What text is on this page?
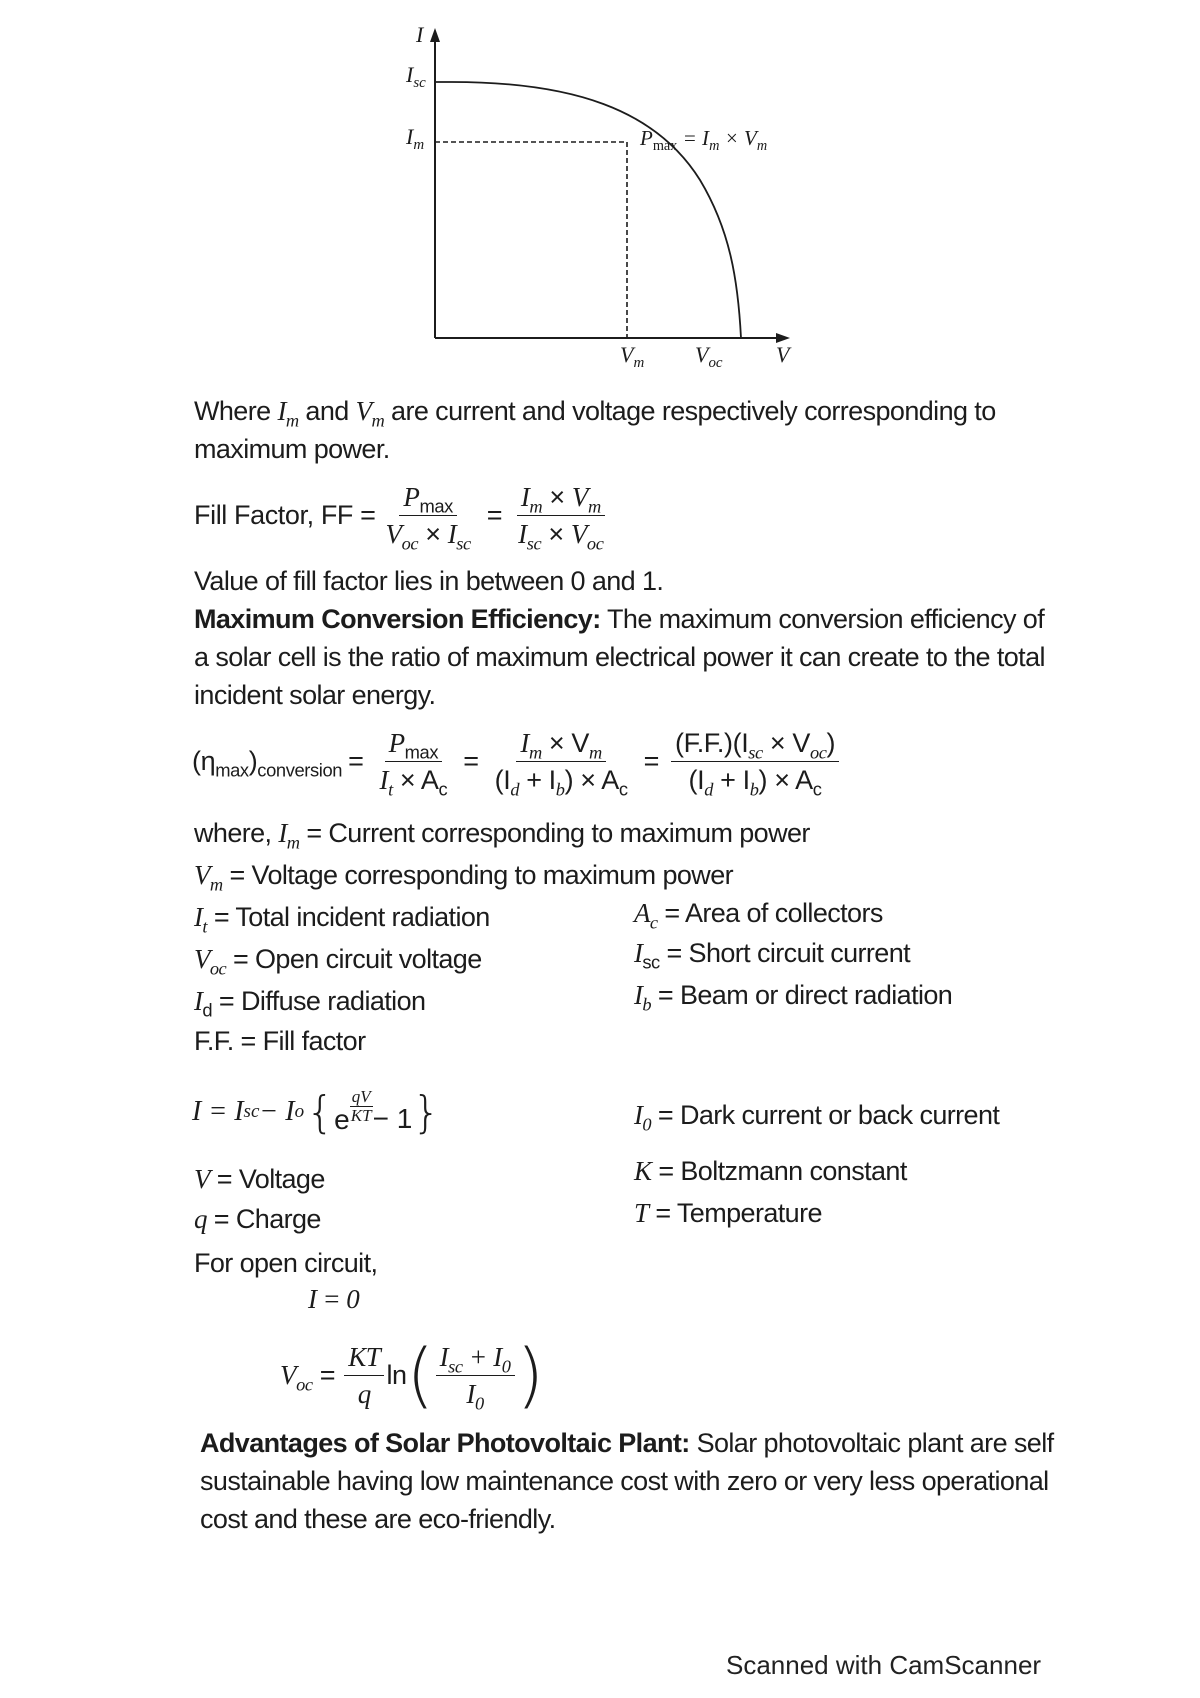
I
$I_{sc}$
$I_m$	$P_{max} = I_m \times V_m$
$V_m$ $V_{oc}$ V
Where $I_m$ and $V_m$ are current and voltage respectively corresponding to maximum power.
Fill Factor, FF = $\frac{P_{max}}{V_{oc} \times I_{sc}} = \frac{I_m \times V_m}{I_{sc} \times V_{oc}}$
Value of fill factor lies in between 0 and 1.
Maximum Conversion Efficiency: The maximum conversion efficiency of a solar cell is the ratio of maximum electrical power it can create to the total incident solar energy.
$(\eta_{max})_{conversion} = \frac{P_{max}}{I_t \times A_c} = \frac{I_m \times V_m}{(I_d + I_b) \times A_c} = \frac{(F.F.)(I_{sc} \times V_{oc})}{(I_d + I_b) \times A_c}$
where, $I_m$ = Current corresponding to maximum power
$V_m$ = Voltage corresponding to maximum power
$I_t$ = Total incident radiation	$A_c$ = Area of collectors
$V_{oc}$ = Open circuit voltage	$I_{sc}$ = Short circuit current
$I_d$ = Diffuse radiation	$I_b$ = Beam or direct radiation
F.F. = Fill factor
I = I sc − I o { e
qV
KT − 1 }	$I_0$ = Dark current or back current
V = Voltage	K = Boltzmann constant
q = Charge	T = Temperature
For open circuit,
I = 0
$V_{oc} = \frac{KT}{q}$ ln ( $\frac{I_{sc} + I_0}{I_0}$ )
Advantages of Solar Photovoltaic Plant: Solar photovoltaic plant are self sustainable having low maintenance cost with zero or very less operational cost and these are eco-friendly.
Scanned with CamScanner
